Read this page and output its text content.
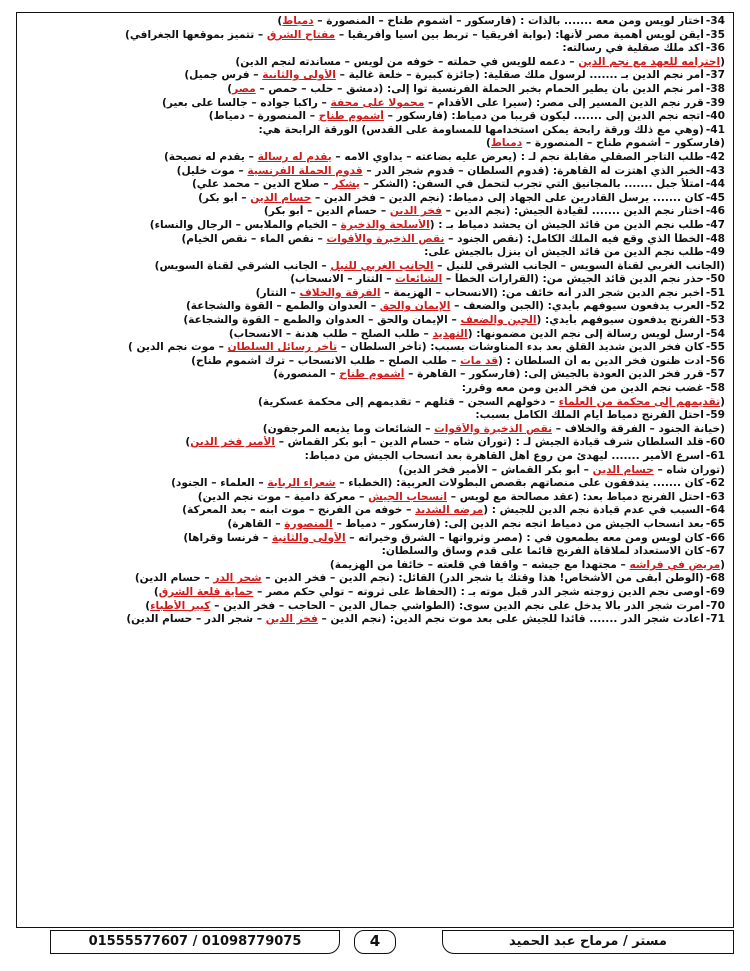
34-اختار لويس ومن معه ....... بالذات : (فارسكور – أشموم طناح – المنصورة – دمياط)
35-أيقن لويس أهمية مصر لأنها: (بوابة أفريقيا – تربط بين آسيا وأفريقيا – مفتاح الشرق – تتميز بموقعها الجغرافي)
36-أكد ملك صقلية في رسالته:
(احترامه للعهد مع نجم الدين – دعمه للويس في حملته – خوفه من لويس – مساندته لنجم الدين)
37-أمر نجم الدين بـ ....... لرسول ملك صقلية: (جائزة كبيرة – خلعة غالية – الأولى والثانية – فرس جميل)
38-أمر نجم الدين بأن يطير الحمام بخبر الحملة الفرنسية توا إلى: (دمشق – حلب – حمص – مصر)
39-قرر نجم الدين المسير إلى مصر: (سيرا على الأقدام – محمولا على محفة – راكبا جواده – جالسا على بعير)
40-اتجه نجم الدين إلى ....... ليكون قريبا من دمياط: (فارسكور – أشموم طناح – المنصورة – دمياط)
41-(وهي مع ذلك ورقة رابحة يمكن استخدامها للمساومة على القدس) الورقة الرابحة هي:
(فارسكور – أشموم طناح – المنصورة – دمياط)
42-طلب التاجر الصقلي مقابلة نجم لـ : (يعرض عليه بضاعته – يداوي آلامه – يقدم له رسالة – يقدم له نصيحة)
43-الخبر الذي اهتزت له القاهرة: (قدوم السلطان – قدوم شجر الدر – قدوم الحملة الفرنسية – موت خليل)
44-امتلأ جبل ....... بالمجانيق التي تجرب لتحمل في السفن: (الشكر – يشكر – صلاح الدين – محمد علي)
45-كان ....... يرسل القادرين على الجهاد إلى دمياط: (نجم الدين – فخر الدين – حسام الدين – أبو بكر)
46-اختار نجم الدين ....... لقيادة الجيش: (نجم الدين – فخر الدين – حسام الدين – أبو بكر)
47-طلب نجم الدين من قائد الجيش أن يحشد دمياط بـ : (الأسلحة والذخيرة – الخيام والملابس – الرجال والنساء)
48-الخطأ الذي وقع فيه الملك الكامل: (نقص الجنود – نقص الذخيرة والأقوات – نقص الماء – نقص الخيام)
49-طلب نجم الدين من قائد الجيش أن ينزل بالجيش على:
(الجانب الغربي لقناة السويس – الجانب الشرقي للنيل – الجانب الغربي للنيل – الجانب الشرقي لقناة السويس)
50-حذر نجم الدين قائد الجيش من: (القرارات الخطأ – الشائعات – التتار – الانسحاب)
51-أخبر نجم الدين شجر الدر أنه خائف من: (الانسحاب – الهزيمة – الفرقة والخلاف – التتار)
52-العرب يدفعون سيوفهم بأيدي: (الجبن والضعف – الإيمان والحق – العدوان والطمع – القوة والشجاعة)
53-الفرنج يدفعون سيوفهم بأيدي: (الجبن والضعف – الإيمان والحق – العدوان والطمع – القوة والشجاعة)
54-أرسل لويس رسالة إلى نجم الدين مضمونها: (التهديد – طلب الصلح – طلب هدنة – الانسحاب)
55-كان فخر الدين شديد القلق بعد بدء المناوشات بسبب: (تأخر السلطان – تأخر رسائل السلطان – موت نجم الدين )
56-أدت ظنون فخر الدين به أن السلطان : (قد مات – طلب الصلح – طلب الانسحاب – ترك أشموم طناح)
57-قرر فخر الدين العودة بالجيش إلى: (فارسكور – القاهرة – أشموم طناح – المنصورة)
58-غضب نجم الدين من فخر الدين ومن معه وقرر:
(تقديمهم إلى محكمة من العلماء – دخولهم السجن – قتلهم – تقديمهم إلى محكمة عسكرية)
59-احتل الفرنج دمياط أيام الملك الكامل بسبب:
(خيانة الجنود – الفرقة والخلاف – نقص الذخيرة والأقوات – الشائعات وما يذيعه المرجفون)
60-قلد السلطان شرف قيادة الجيش لـ : (توران شاه – حسام الدين – أبو بكر القماش – الأمير فخر الدين)
61-أسرع الأمير ....... ليهدئ من روع أهل القاهرة بعد انسحاب الجيش من دمياط:
(توران شاه – حسام الدين – أبو بكر القماش – الأمير فخر الدين)
62-كان ....... يتدفقون على منصاتهم بقصص البطولات العربية: (الخطباء – شعراء الربابة – العلماء – الجنود)
63-احتل الفرنج دمياط بعد: (عقد مصالحة مع لويس – انسحاب الجيش – معركة دامية – موت نجم الدين)
64-السبب في عدم قيادة نجم الدين للجيش : (مرضه الشديد – خوفه من الفرنج – موت ابنه – بعد المعركة)
65-بعد انسحاب الجيش من دمياط اتجه نجم الدين إلى: (فارسكور – دمياط – المنصورة – القاهرة)
66-كان لويس ومن معه يطمعون في : (مصر وثرواتها – الشرق وخيراته – الأولى والثانية – فرنسا وقراها)
67-كان الاستعداد لملاقاة الفرنج قائما على قدم وساق والسلطان:
(مريض في فراشه – مجتهدا مع جيشه – واقفا في قلعته – خائفا من الهزيمة)
68-(الوطن أبقى من الأشخاص! هذا وقتك يا شجر الدر) القائل: (نجم الدين – فخر الدين – شجر الدر – حسام الدين)
69-أوصى نجم الدين زوجته شجر الدر قبل موته بـ : (الحفاظ على ثروته – تولي حكم مصر – حماية قلعة الشرق)
70-أمرت شجر الدر بألا يدخل على نجم الدين سوى: (الطواشي جمال الدين – الحاجب – فخر الدين – كبير الأطباء)
71-أعادت شجر الدر ....... قائدا للجيش على بعد موت نجم الدين: (نجم الدين – فخر الدين – شجر الدر – حسام الدين)
مستر / مرماح عبد الحميد
4
01555577607 / 01098779075
